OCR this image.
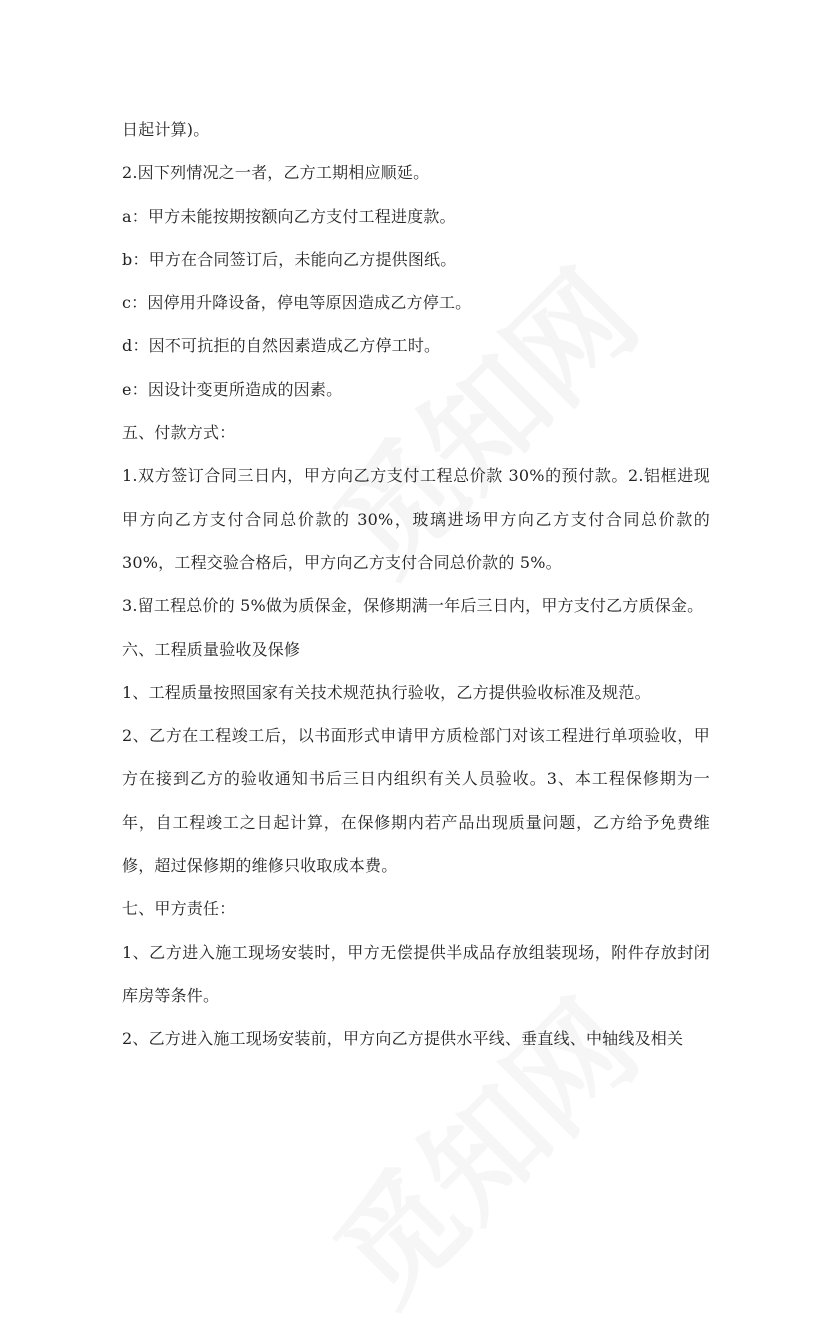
日起计算)。

2.因下列情况之一者，乙方工期相应顺延。

a：甲方未能按期按额向乙方支付工程进度款。

b：甲方在合同签订后，未能向乙方提供图纸。

c：因停用升降设备，停电等原因造成乙方停工。

d：因不可抗拒的自然因素造成乙方停工时。

e：因设计变更所造成的因素。

五、付款方式：

1.双方签订合同三日内，甲方向乙方支付工程总价款 30%的预付款。2.铝框进现甲方向乙方支付合同总价款的 30%，玻璃进场甲方向乙方支付合同总价款的 30%，工程交验合格后，甲方向乙方支付合同总价款的 5%。

3.留工程总价的 5%做为质保金，保修期满一年后三日内，甲方支付乙方质保金。

六、工程质量验收及保修

1、工程质量按照国家有关技术规范执行验收，乙方提供验收标准及规范。

2、乙方在工程竣工后，以书面形式申请甲方质检部门对该工程进行单项验收，甲方在接到乙方的验收通知书后三日内组织有关人员验收。3、本工程保修期为一年，自工程竣工之日起计算，在保修期内若产品出现质量问题，乙方给予免费维修，超过保修期的维修只收取成本费。

七、甲方责任：

1、乙方进入施工现场安装时，甲方无偿提供半成品存放组装现场，附件存放封闭库房等条件。

2、乙方进入施工现场安装前，甲方向乙方提供水平线、垂直线、中轴线及相关
